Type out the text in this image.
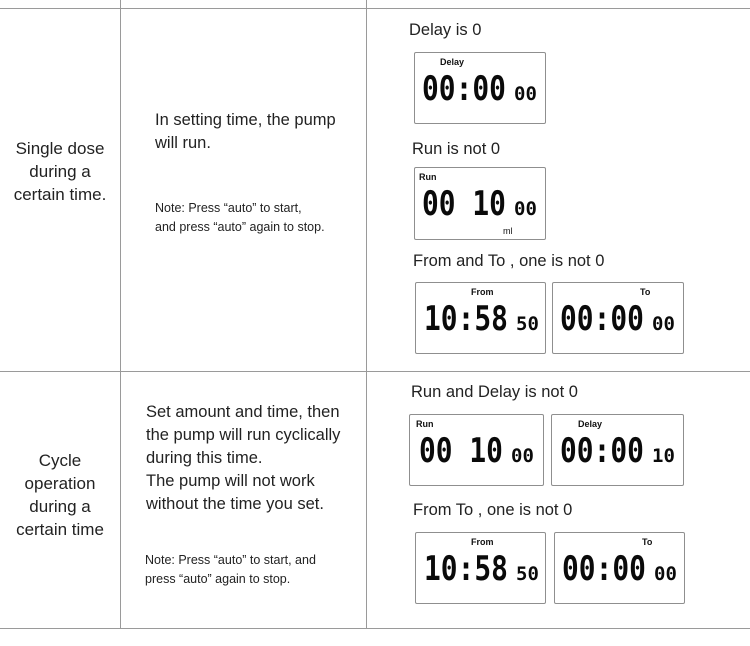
Single dose
during a
certain time.
In setting time, the pump
will run.
Note: Press “auto” to start,
and press “auto” again to stop.
Delay is 0
Delay
00:00 00
Run is not 0
Run
00 10 00
ml
From and To , one is not 0
From
10:58 50
To
00:00 00
Cycle
operation
during a
certain time
Set amount and time, then
the pump will run cyclically
during this time.
The pump will not work
without the time you set.
Note: Press “auto” to start, and
press “auto” again to stop.
Run and Delay is not 0
Run
00 10 00
Delay
00:00 10
From To , one is not 0
From
10:58 50
To
00:00 00
